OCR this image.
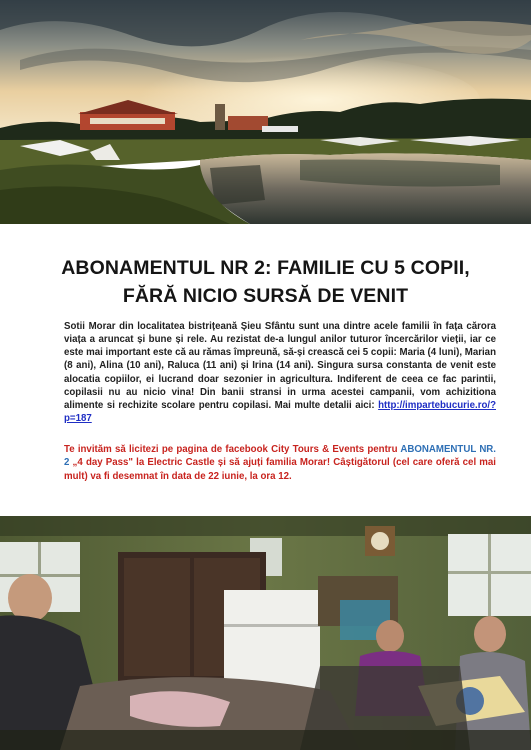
ABONAMENTUL NR 2: FAMILIE CU 5 COPII,
FĂRĂ NICIO SURSĂ DE VENIT
Sotii Morar din localitatea bistrițeană Șieu Sfântu sunt una dintre acele familii în fața cărora viața a aruncat și bune și rele. Au rezistat de-a lungul anilor tuturor încercărilor vieții, iar ce este mai important este că au rămas împreună, să-și crească cei 5 copii: Maria (4 luni), Marian (8 ani), Alina (10 ani), Raluca (11 ani) și Irina (14 ani). Singura sursa constanta de venit este alocatia copiilor, ei lucrand doar sezonier in agricultura. Indiferent de ceea ce fac parintii, copilasii nu au nicio vina! Din banii stransi in urma acestei campanii, vom achizitiona alimente si rechizite scolare pentru copilasi. Mai multe detalii aici: http://impartebucurie.ro/?p=187
Te invităm să licitezi pe pagina de facebook City Tours & Events pentru ABONAMENTUL NR. 2 „4 day Pass" la Electric Castle și să ajuți familia Morar! Câștigătorul (cel care oferă cel mai mult) va fi desemnat în data de 22 iunie, la ora 12.
